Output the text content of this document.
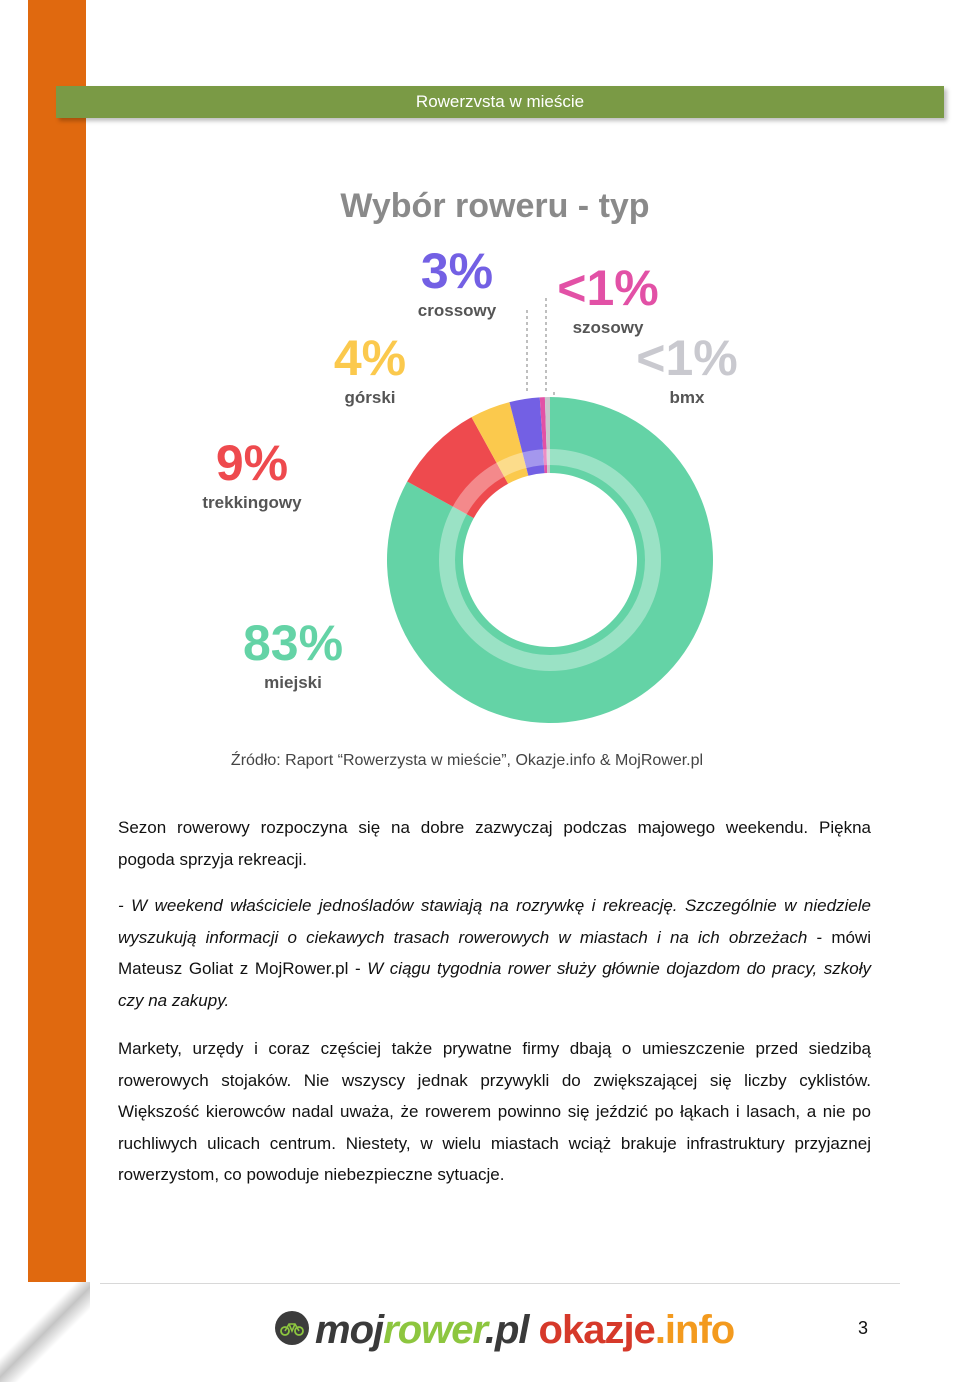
Rowerzvsta w mieście
Wybór roweru - typ
83%
miejski
9%
trekkingowy
4%
górski
3%
crossowy <1%
szosowy
<1%
bmx
Źródło: Raport “Rowerzysta w mieście”, Okazje.info & MojRower.pl

Sezon rowerowy rozpoczyna się na dobre zazwyczaj podczas majowego weekendu. Piękna pogoda sprzyja rekreacji.

- W weekend właściciele jednośladów stawiają na rozrywkę i rekreację. Szczególnie w niedziele wyszukują informacji o ciekawych trasach rowerowych w miastach i na ich obrzeżach - mówi Mateusz Goliat z MojRower.pl - W ciągu tygodnia rower służy głównie dojazdom do pracy, szkoły czy na zakupy.

Markety, urzędy i coraz częściej także prywatne firmy dbają o umieszczenie przed siedzibą rowerowych stojaków. Nie wszyscy jednak przywykli do zwiększającej się liczby cyklistów. Większość kierowców nadal uważa, że rowerem powinno się jeździć po łąkach i lasach, a nie po ruchliwych ulicach centrum. Niestety, w wielu miastach wciąż brakuje infrastruktury przyjaznej rowerzystom, co powoduje niebezpieczne sytuacje.

mojrower.pl okazje.info	3
